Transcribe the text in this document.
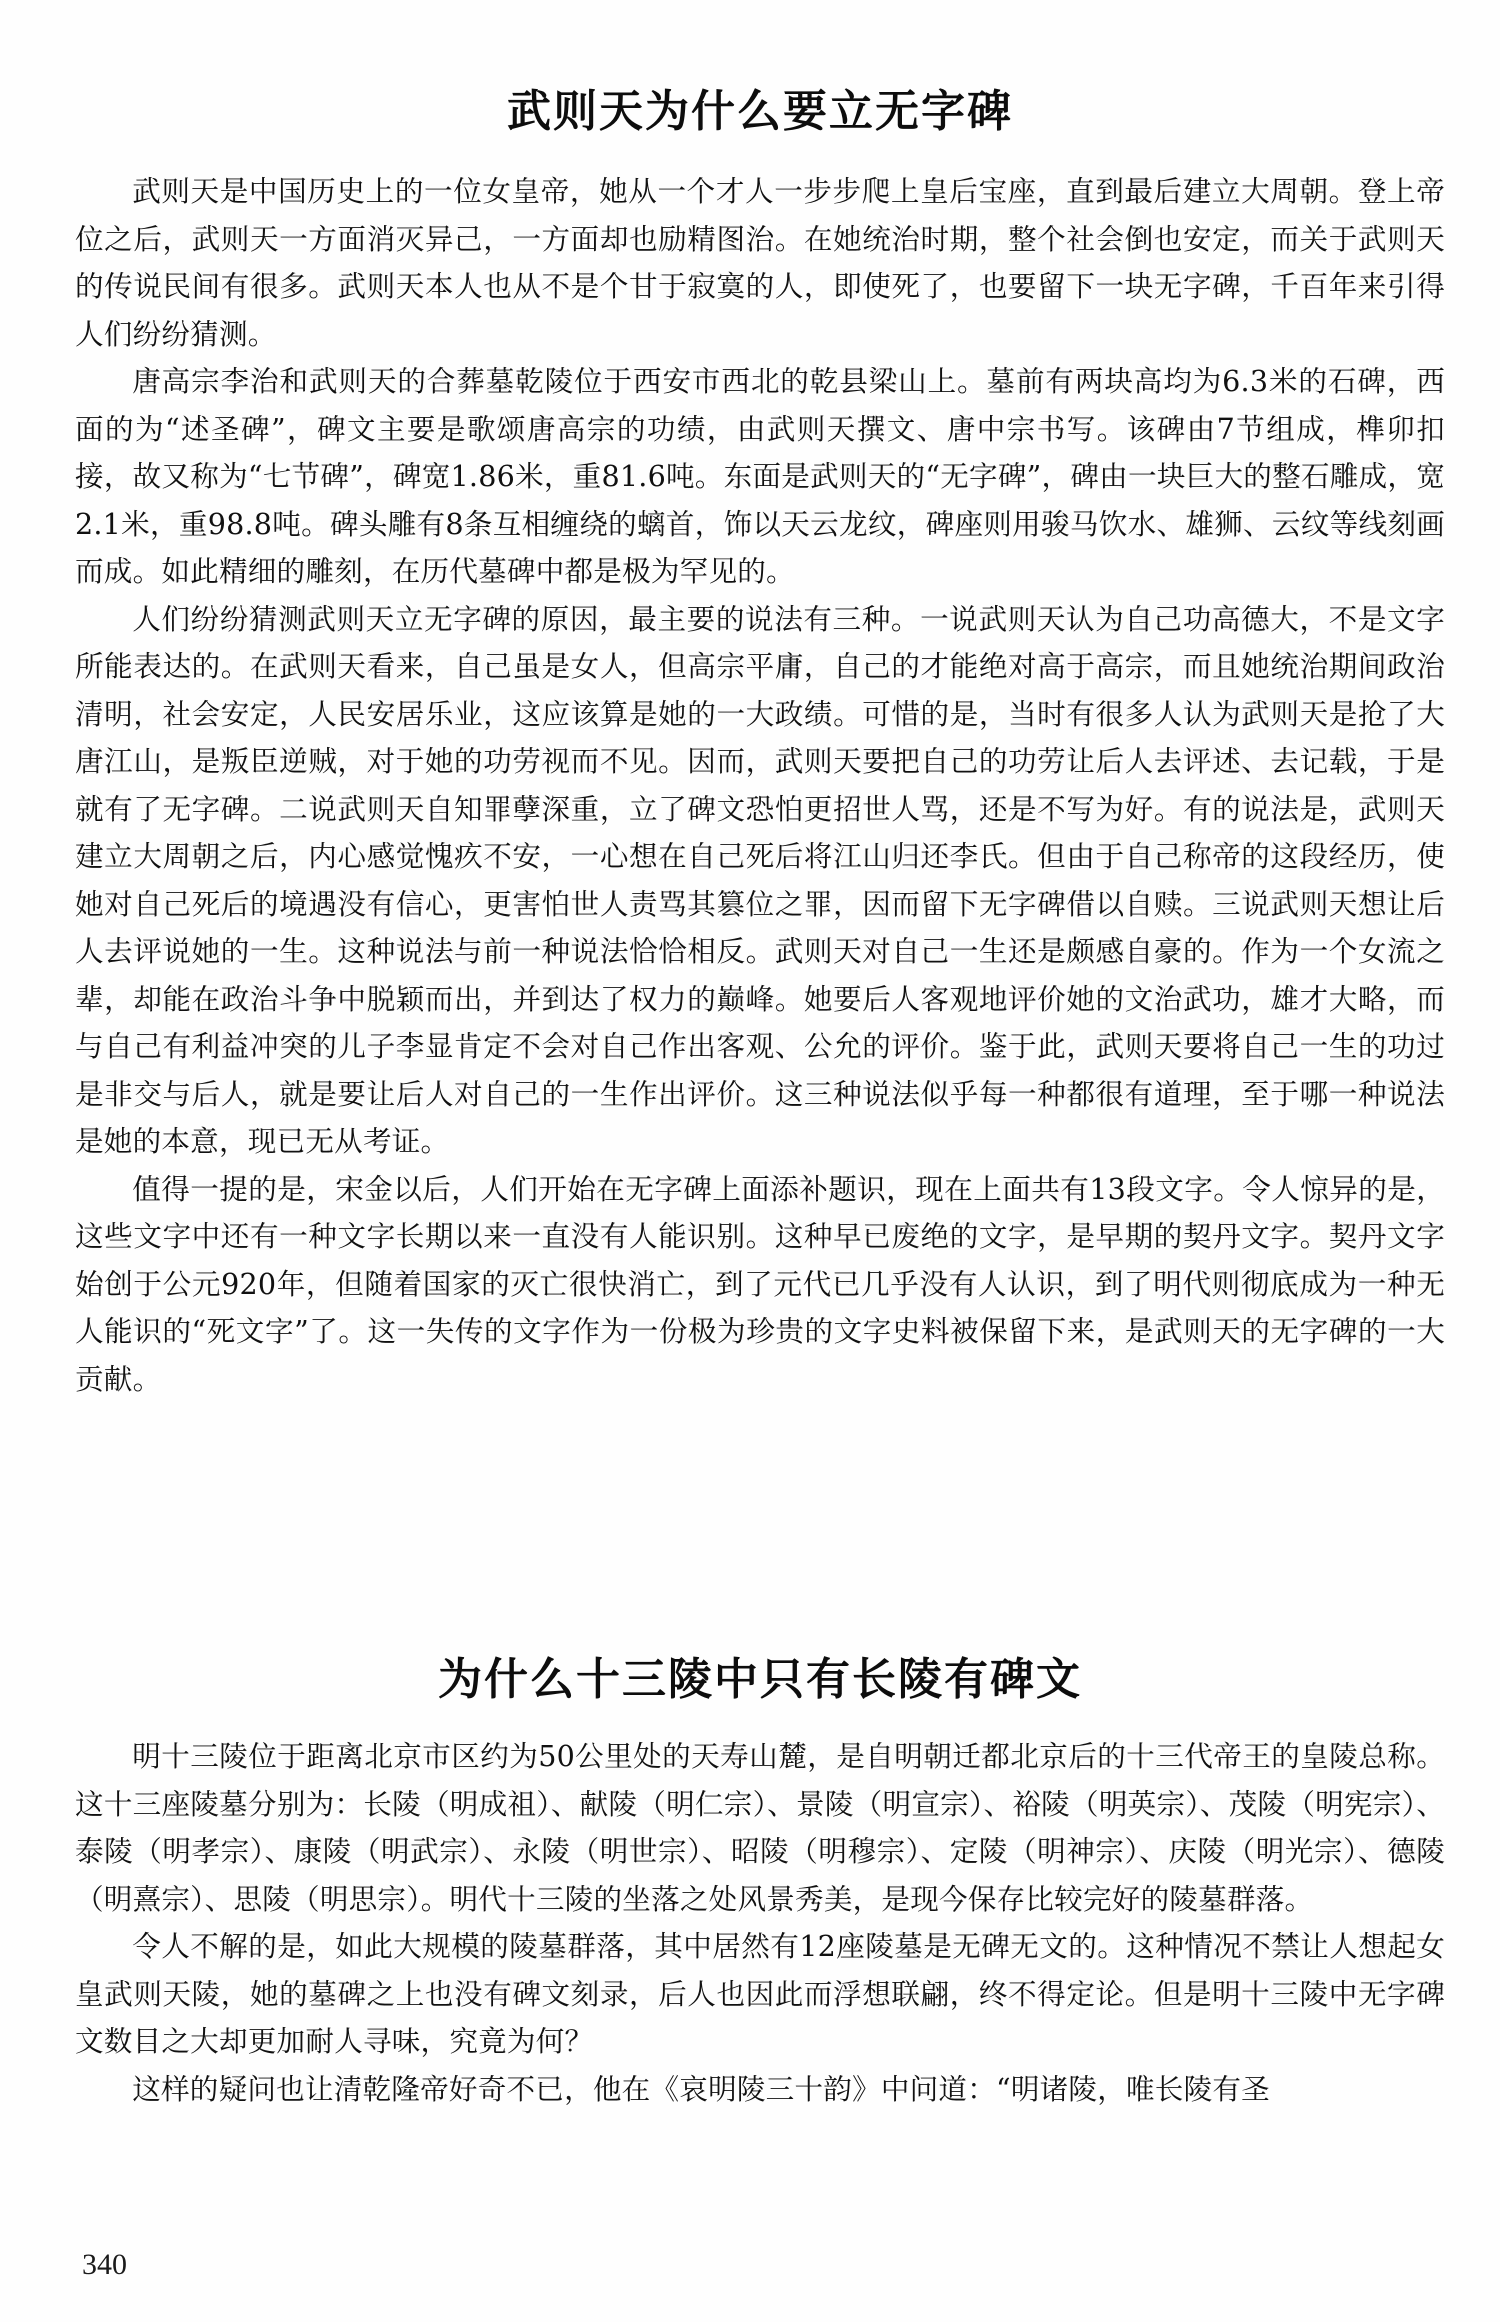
武则天为什么要立无字碑

武则天是中国历史上的一位女皇帝，她从一个才人一步步爬上皇后宝座，直到最后建立大周朝。登上帝位之后，武则天一方面消灭异己，一方面却也励精图治。在她统治时期，整个社会倒也安定，而关于武则天的传说民间有很多。武则天本人也从不是个甘于寂寞的人，即使死了，也要留下一块无字碑，千百年来引得人们纷纷猜测。

唐高宗李治和武则天的合葬墓乾陵位于西安市西北的乾县梁山上。墓前有两块高均为6.3米的石碑，西面的为“述圣碑”，碑文主要是歌颂唐高宗的功绩，由武则天撰文、唐中宗书写。该碑由7节组成，榫卯扣接，故又称为“七节碑”，碑宽1.86米，重81.6吨。东面是武则天的“无字碑”，碑由一块巨大的整石雕成，宽2.1米，重98.8吨。碑头雕有8条互相缠绕的螭首，饰以天云龙纹，碑座则用骏马饮水、雄狮、云纹等线刻画而成。如此精细的雕刻，在历代墓碑中都是极为罕见的。

人们纷纷猜测武则天立无字碑的原因，最主要的说法有三种。一说武则天认为自己功高德大，不是文字所能表达的。在武则天看来，自己虽是女人，但高宗平庸，自己的才能绝对高于高宗，而且她统治期间政治清明，社会安定，人民安居乐业，这应该算是她的一大政绩。可惜的是，当时有很多人认为武则天是抢了大唐江山，是叛臣逆贼，对于她的功劳视而不见。因而，武则天要把自己的功劳让后人去评述、去记载，于是就有了无字碑。二说武则天自知罪孽深重，立了碑文恐怕更招世人骂，还是不写为好。有的说法是，武则天建立大周朝之后，内心感觉愧疚不安，一心想在自己死后将江山归还李氏。但由于自己称帝的这段经历，使她对自己死后的境遇没有信心，更害怕世人责骂其篡位之罪，因而留下无字碑借以自赎。三说武则天想让后人去评说她的一生。这种说法与前一种说法恰恰相反。武则天对自己一生还是颇感自豪的。作为一个女流之辈，却能在政治斗争中脱颖而出，并到达了权力的巅峰。她要后人客观地评价她的文治武功，雄才大略，而与自己有利益冲突的儿子李显肯定不会对自己作出客观、公允的评价。鉴于此，武则天要将自己一生的功过是非交与后人，就是要让后人对自己的一生作出评价。这三种说法似乎每一种都很有道理，至于哪一种说法是她的本意，现已无从考证。

值得一提的是，宋金以后，人们开始在无字碑上面添补题识，现在上面共有13段文字。令人惊异的是，这些文字中还有一种文字长期以来一直没有人能识别。这种早已废绝的文字，是早期的契丹文字。契丹文字始创于公元920年，但随着国家的灭亡很快消亡，到了元代已几乎没有人认识，到了明代则彻底成为一种无人能识的“死文字”了。这一失传的文字作为一份极为珍贵的文字史料被保留下来，是武则天的无字碑的一大贡献。

为什么十三陵中只有长陵有碑文

明十三陵位于距离北京市区约为50公里处的天寿山麓，是自明朝迁都北京后的十三代帝王的皇陵总称。这十三座陵墓分别为：长陵（明成祖）、献陵（明仁宗）、景陵（明宣宗）、裕陵（明英宗）、茂陵（明宪宗）、泰陵（明孝宗）、康陵（明武宗）、永陵（明世宗）、昭陵（明穆宗）、定陵（明神宗）、庆陵（明光宗）、德陵（明熹宗）、思陵（明思宗）。明代十三陵的坐落之处风景秀美，是现今保存比较完好的陵墓群落。

令人不解的是，如此大规模的陵墓群落，其中居然有12座陵墓是无碑无文的。这种情况不禁让人想起女皇武则天陵，她的墓碑之上也没有碑文刻录，后人也因此而浮想联翩，终不得定论。但是明十三陵中无字碑文数目之大却更加耐人寻味，究竟为何？

这样的疑问也让清乾隆帝好奇不已，他在《哀明陵三十韵》中问道：“明诸陵，唯长陵有圣

340
